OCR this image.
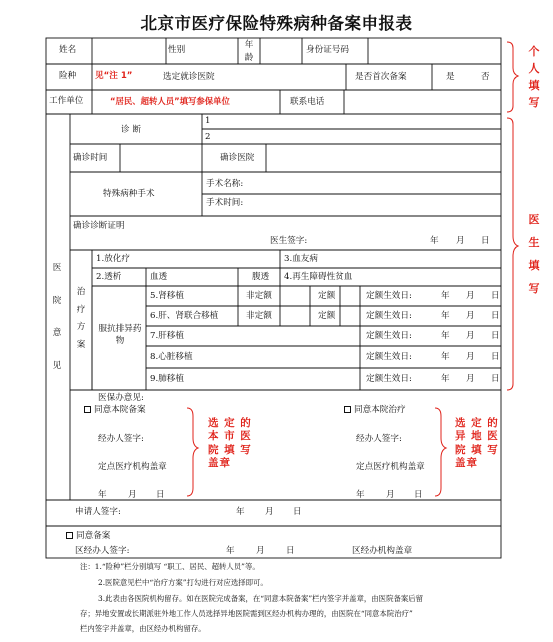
北京市医疗保险特殊病种备案申报表
姓名	性别	年
龄
身份证号码
险种 见“注 1”	选定就诊医院	是否首次备案	是	否
工作单位	“居民、超转人员”填写参保单位	联系电话
个
人
填
写
医
生
填
写
医
院
意
见
诊 断
1
2
确诊时间	确诊医院
特殊病种手术
手术名称:
手术时间:
确诊诊断证明
医生签字:	年 月 日
治
疗
方
案
1.放化疗	3.血友病
2.透析	血透	腹透 4.再生障碍性贫血
服抗排异药物
5.肾移植	非定额	定额	定额生效日:	年 月 日
6.肝、肾联合移植	非定额	定额	定额生效日:	年 月 日
7.肝移植	定额生效日:	年 月 日
8.心脏移植	定额生效日:	年 月 日
9.肺移植	定额生效日:	年 月 日
医保办意见:
同意本院备案	同意本院治疗
经办人签字:
定点医疗机构盖章
年 月 日
选 定 的
本 市 医
院 填 写
盖章
经办人签字:
定点医疗机构盖章
年 月 日
选 定 的
异 地 医
院 填 写
盖章
申请人签字:	年 月 日
同意备案
区经办人签字:	年 月 日	区经办机构盖章
注：1.“险种”栏分别填写 “职工、居民、超转人员”等。
2.医院意见栏中“治疗方案”打勾进行对应选择即可。
3.此表由各医院机构留存。如在医院完成备案，在“同意本院备案”栏内签字并盖章，由医院备案后留
存；异地安置或长期派驻外地工作人员选择异地医院需到区经办机构办理的，由医院在“同意本院治疗”
栏内签字并盖章，由区经办机构留存。
